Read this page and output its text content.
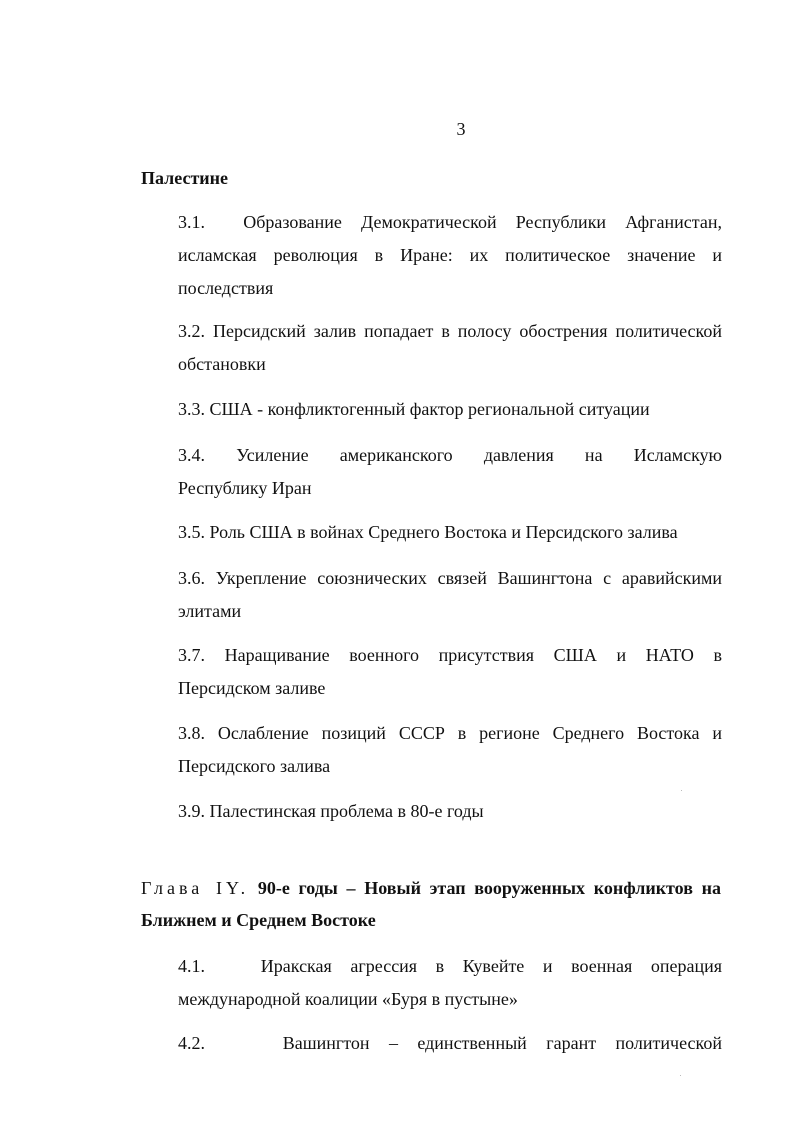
3
Палестине
3.1. Образование Демократической Республики Афганистан,
исламская революция в Иране: их политическое значение и
последствия
3.2. Персидский залив попадает в полосу обострения политической
обстановки
3.3. США - конфликтогенный фактор региональной ситуации
3.4. Усиление американского давления на Исламскую
Республику Иран
3.5. Роль США в войнах Среднего Востока и Персидского залива
3.6. Укрепление союзнических связей Вашингтона с аравийскими
элитами
3.7. Наращивание военного присутствия США и НАТО в
Персидском заливе
3.8. Ослабление позиций СССР в регионе Среднего Востока и
Персидского залива
3.9. Палестинская проблема в 80-е годы
Глава IY. 90-е годы – Новый этап вооруженных конфликтов на
Ближнем и Среднем Востоке
4.1.	Иракская агрессия в Кувейте и военная операция
международной коалиции «Буря в пустыне»
4.2.	Вашингтон – единственный гарант политической
